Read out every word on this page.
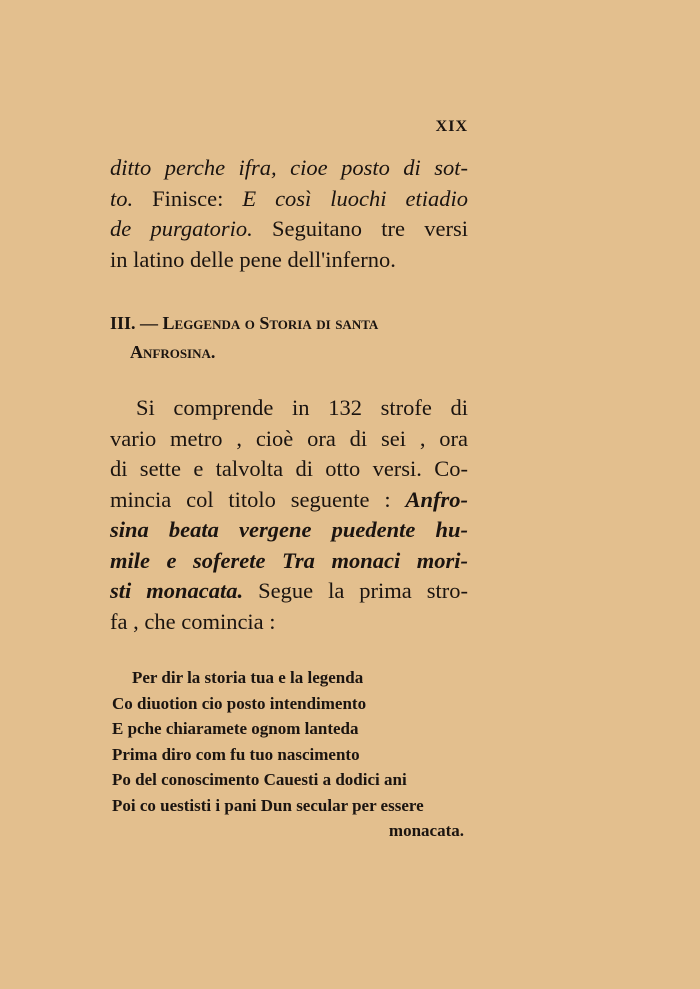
XIX
ditto perche ifra, cioe posto di sot-
to. Finisce: E così luochi etiadio
de purgatorio. Seguitano tre versi
in latino delle pene dell'inferno.
III. — Leggenda o Storia di santa
Anfrosina.
Si comprende in 132 strofe di
vario metro , cioè ora di sei , ora
di sette e talvolta di otto versi. Co-
mincia col titolo seguente : Anfro-
sina beata vergene puedente hu-
mile e soferete Tra monaci mori-
sti monacata. Segue la prima stro-
fa , che comincia :
Per dir la storia tua e la legenda
Co diuotion cio posto intendimento
E pche chiaramete ognom lanteda
Prima diro com fu tuo nascimento
Po del conoscimento Cauesti a dodici ani
Poi co uestisti i pani Dun secular per essere
monacata.
